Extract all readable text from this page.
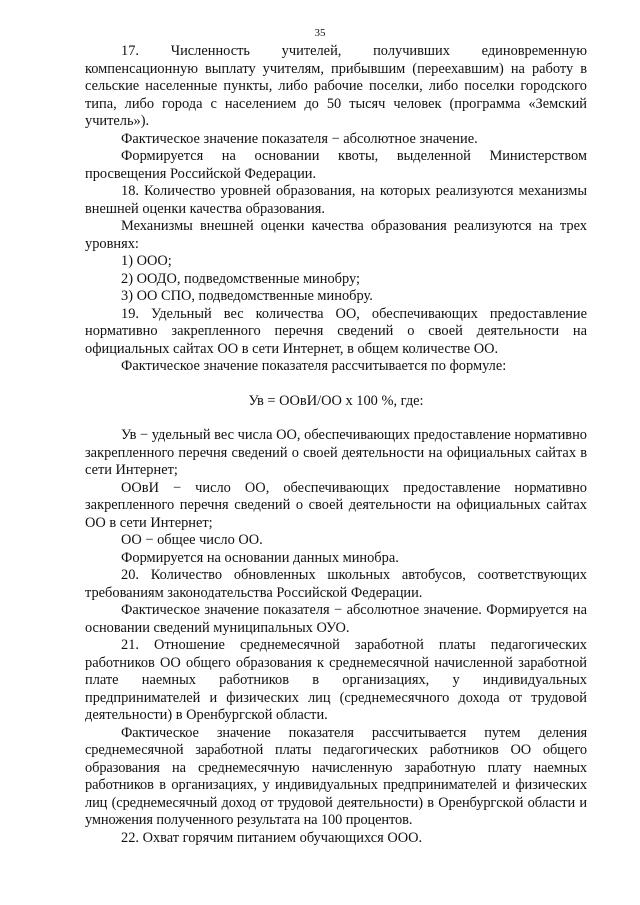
35

17. Численность учителей, получивших единовременную компенсационную выплату учителям, прибывшим (переехавшим) на работу в сельские населенные пункты, либо рабочие поселки, либо поселки городского типа, либо города с населением до 50 тысяч человек (программа «Земский учитель»).

Фактическое значение показателя − абсолютное значение.

Формируется на основании квоты, выделенной Министерством просвещения Российской Федерации.

18. Количество уровней образования, на которых реализуются механизмы внешней оценки качества образования.

Механизмы внешней оценки качества образования реализуются на трех уровнях:

1) ООО;

2) ООДО, подведомственные минобру;

3) ОО СПО, подведомственные минобру.

19. Удельный вес количества ОО, обеспечивающих предоставление нормативно закрепленного перечня сведений о своей деятельности на официальных сайтах ОО в сети Интернет, в общем количестве ОО.

Фактическое значение показателя рассчитывается по формуле:

Ув = ООвИ/ОО х 100 %, где:

Ув − удельный вес числа ОО, обеспечивающих предоставление нормативно закрепленного перечня сведений о своей деятельности на официальных сайтах в сети Интернет;

ООвИ − число ОО, обеспечивающих предоставление нормативно закрепленного перечня сведений о своей деятельности на официальных сайтах ОО в сети Интернет;

ОО − общее число ОО.

Формируется на основании данных минобра.

20. Количество обновленных школьных автобусов, соответствующих требованиям законодательства Российской Федерации.

Фактическое значение показателя − абсолютное значение. Формируется на основании сведений муниципальных ОУО.

21. Отношение среднемесячной заработной платы педагогических работников ОО общего образования к среднемесячной начисленной заработной плате наемных работников в организациях, у индивидуальных предпринимателей и физических лиц (среднемесячного дохода от трудовой деятельности) в Оренбургской области.

Фактическое значение показателя рассчитывается путем деления среднемесячной заработной платы педагогических работников ОО общего образования на среднемесячную начисленную заработную плату наемных работников в организациях, у индивидуальных предпринимателей и физических лиц (среднемесячный доход от трудовой деятельности) в Оренбургской области и умножения полученного результата на 100 процентов.

22. Охват горячим питанием обучающихся ООО.
